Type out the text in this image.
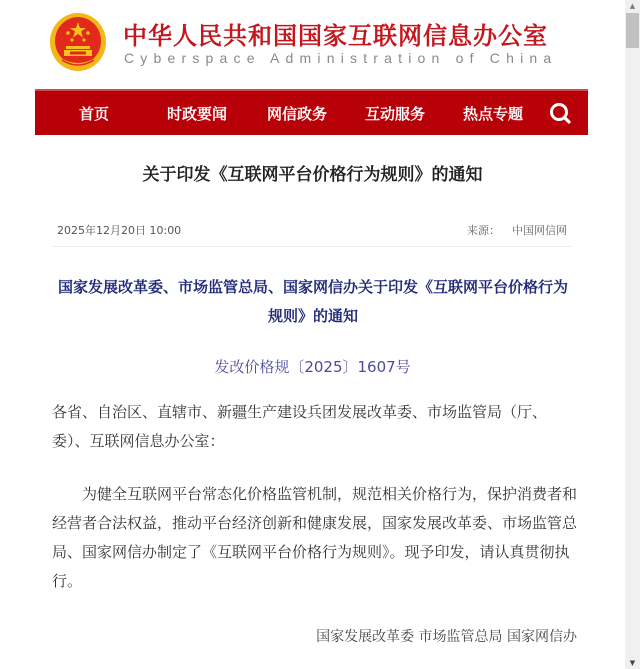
中华人民共和国国家互联网信息办公室
Cyberspace Administration of China
首页	时政要闻	网信政务	互动服务	热点专题
关于印发《互联网平台价格行为规则》的通知
2025年12月20日 10:00	来源： 中国网信网
国家发展改革委、市场监管总局、国家网信办关于印发《互联网平台价格行为规则》的通知
发改价格规〔2025〕1607号
各省、自治区、直辖市、新疆生产建设兵团发展改革委、市场监管局（厅、委）、互联网信息办公室：
为健全互联网平台常态化价格监管机制，规范相关价格行为，保护消费者和经营者合法权益，推动平台经济创新和健康发展，国家发展改革委、市场监管总局、国家网信办制定了《互联网平台价格行为规则》。现予印发，请认真贯彻执行。
国家发展改革委 市场监管总局 国家网信办
▲
▼
